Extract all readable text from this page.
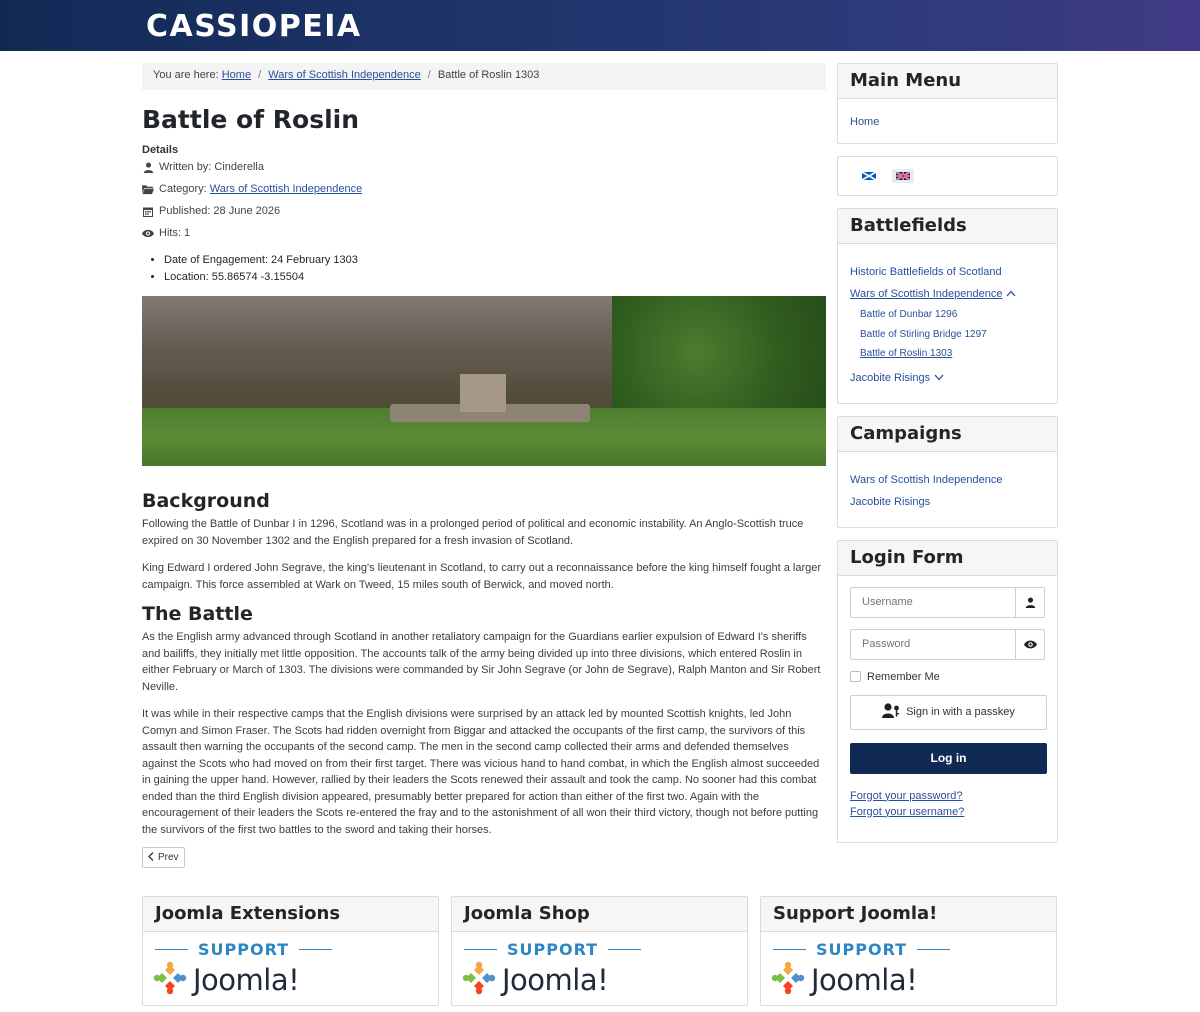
CASSIOPEIA
You are here: Home / Wars of Scottish Independence / Battle of Roslin 1303
Battle of Roslin
Details
Written by: Cinderella
Category:
Wars of Scottish Independence
Published: 28 June 2026
Hits: 1
• Date of Engagement: 24 February 1303
• Location: 55.86574 -3.15504
Background

Following the Battle of Dunbar I in 1296, Scotland was in a prolonged period of political and economic instability. An Anglo-Scottish truce expired on 30 November 1302 and the English prepared for a fresh invasion of Scotland.

King Edward I ordered John Segrave, the king's lieutenant in Scotland, to carry out a reconnaissance before the king himself fought a larger campaign. This force assembled at Wark on Tweed, 15 miles south of Berwick, and moved north.

The Battle

As the English army advanced through Scotland in another retaliatory campaign for the Guardians earlier expulsion of Edward I's sheriffs and bailiffs, they initially met little opposition. The accounts talk of the army being divided up into three divisions, which entered Roslin in either February or March of 1303. The divisions were commanded by Sir John Segrave (or John de Segrave), Ralph Manton and Sir Robert Neville.

It was while in their respective camps that the English divisions were surprised by an attack led by mounted Scottish knights, led John Comyn and Simon Fraser. The Scots had ridden overnight from Biggar and attacked the occupants of the first camp, the survivors of this assault then warning the occupants of the second camp. The men in the second camp collected their arms and defended themselves against the Scots who had moved on from their first target. There was vicious hand to hand combat, in which the English almost succeeded in gaining the upper hand. However, rallied by their leaders the Scots renewed their assault and took the camp. No sooner had this combat ended than the third English division appeared, presumably better prepared for action than either of the first two. Again with the encouragement of their leaders the Scots re-entered the fray and to the astonishment of all won their third victory, though not before putting the survivors of the first two battles to the sword and taking their horses.

Prev
Main Menu
Home
Battlefields
Historic Battlefields of Scotland
Wars of Scottish Independence
Battle of Dunbar 1296
Battle of Stirling Bridge 1297
Battle of Roslin 1303
Jacobite Risings
Campaigns
Wars of Scottish Independence
Jacobite Risings
Login Form
Username
Remember Me
Sign in with a passkey
Log in
Forgot your password?
Forgot your username?
Joomla Extensions
SUPPORT
Joomla!
Joomla Shop
SUPPORT
Joomla!
Support Joomla!
SUPPORT
Joomla!
